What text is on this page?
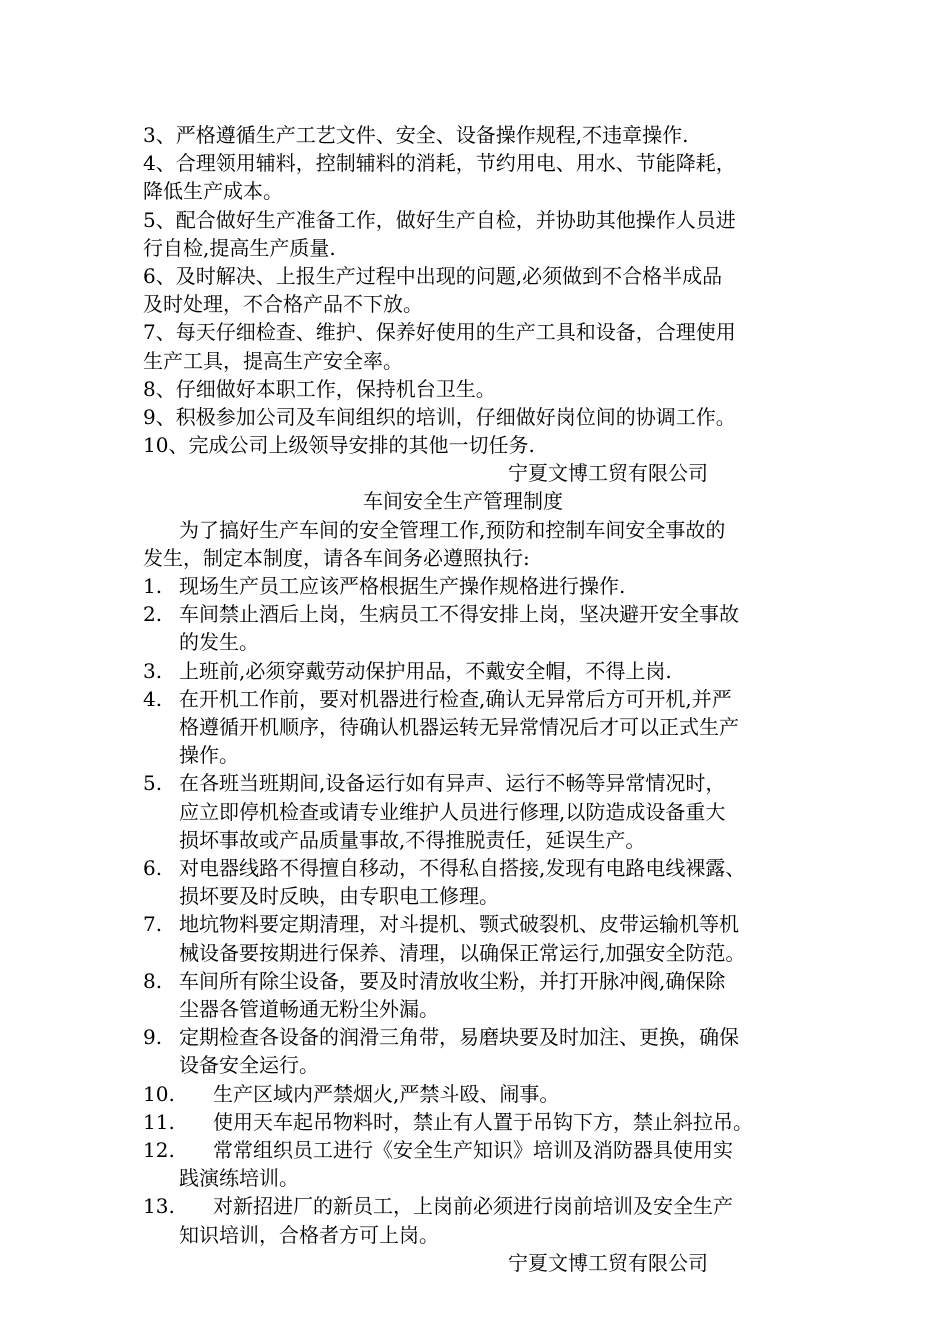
3、严格遵循生产工艺文件、安全、设备操作规程,不违章操作.
4、合理领用辅料，控制辅料的消耗，节约用电、用水、节能降耗，
降低生产成本。
5、配合做好生产准备工作，做好生产自检，并协助其他操作人员进
行自检,提高生产质量.
6、及时解决、上报生产过程中出现的问题,必须做到不合格半成品
及时处理，不合格产品不下放。
7、每天仔细检查、维护、保养好使用的生产工具和设备，合理使用
生产工具，提高生产安全率。
8、仔细做好本职工作，保持机台卫生。
9、积极参加公司及车间组织的培训，仔细做好岗位间的协调工作。
10、完成公司上级领导安排的其他一切任务.
宁夏文博工贸有限公司
车间安全生产管理制度
为了搞好生产车间的安全管理工作,预防和控制车间安全事故的
发生，制定本制度，请各车间务必遵照执行:
1. 现场生产员工应该严格根据生产操作规格进行操作.
2. 车间禁止酒后上岗，生病员工不得安排上岗，坚决避开安全事故
的发生。
3. 上班前,必须穿戴劳动保护用品，不戴安全帽，不得上岗.
4. 在开机工作前，要对机器进行检查,确认无异常后方可开机,并严
格遵循开机顺序，待确认机器运转无异常情况后才可以正式生产
操作。
5. 在各班当班期间,设备运行如有异声、运行不畅等异常情况时，
应立即停机检查或请专业维护人员进行修理,以防造成设备重大
损坏事故或产品质量事故,不得推脱责任，延误生产。
6. 对电器线路不得擅自移动，不得私自搭接,发现有电路电线裸露、
损坏要及时反映，由专职电工修理。
7. 地坑物料要定期清理，对斗提机、颚式破裂机、皮带运输机等机
械设备要按期进行保养、清理，以确保正常运行,加强安全防范。
8. 车间所有除尘设备，要及时清放收尘粉，并打开脉冲阀,确保除
尘器各管道畅通无粉尘外漏。
9. 定期检查各设备的润滑三角带，易磨块要及时加注、更换，确保
设备安全运行。
10.	生产区域内严禁烟火,严禁斗殴、闹事。
11.	使用天车起吊物料时，禁止有人置于吊钩下方，禁止斜拉吊。
12.	常常组织员工进行《安全生产知识》培训及消防器具使用实
践演练培训。
13.	对新招进厂的新员工，上岗前必须进行岗前培训及安全生产
知识培训，合格者方可上岗。
宁夏文博工贸有限公司
